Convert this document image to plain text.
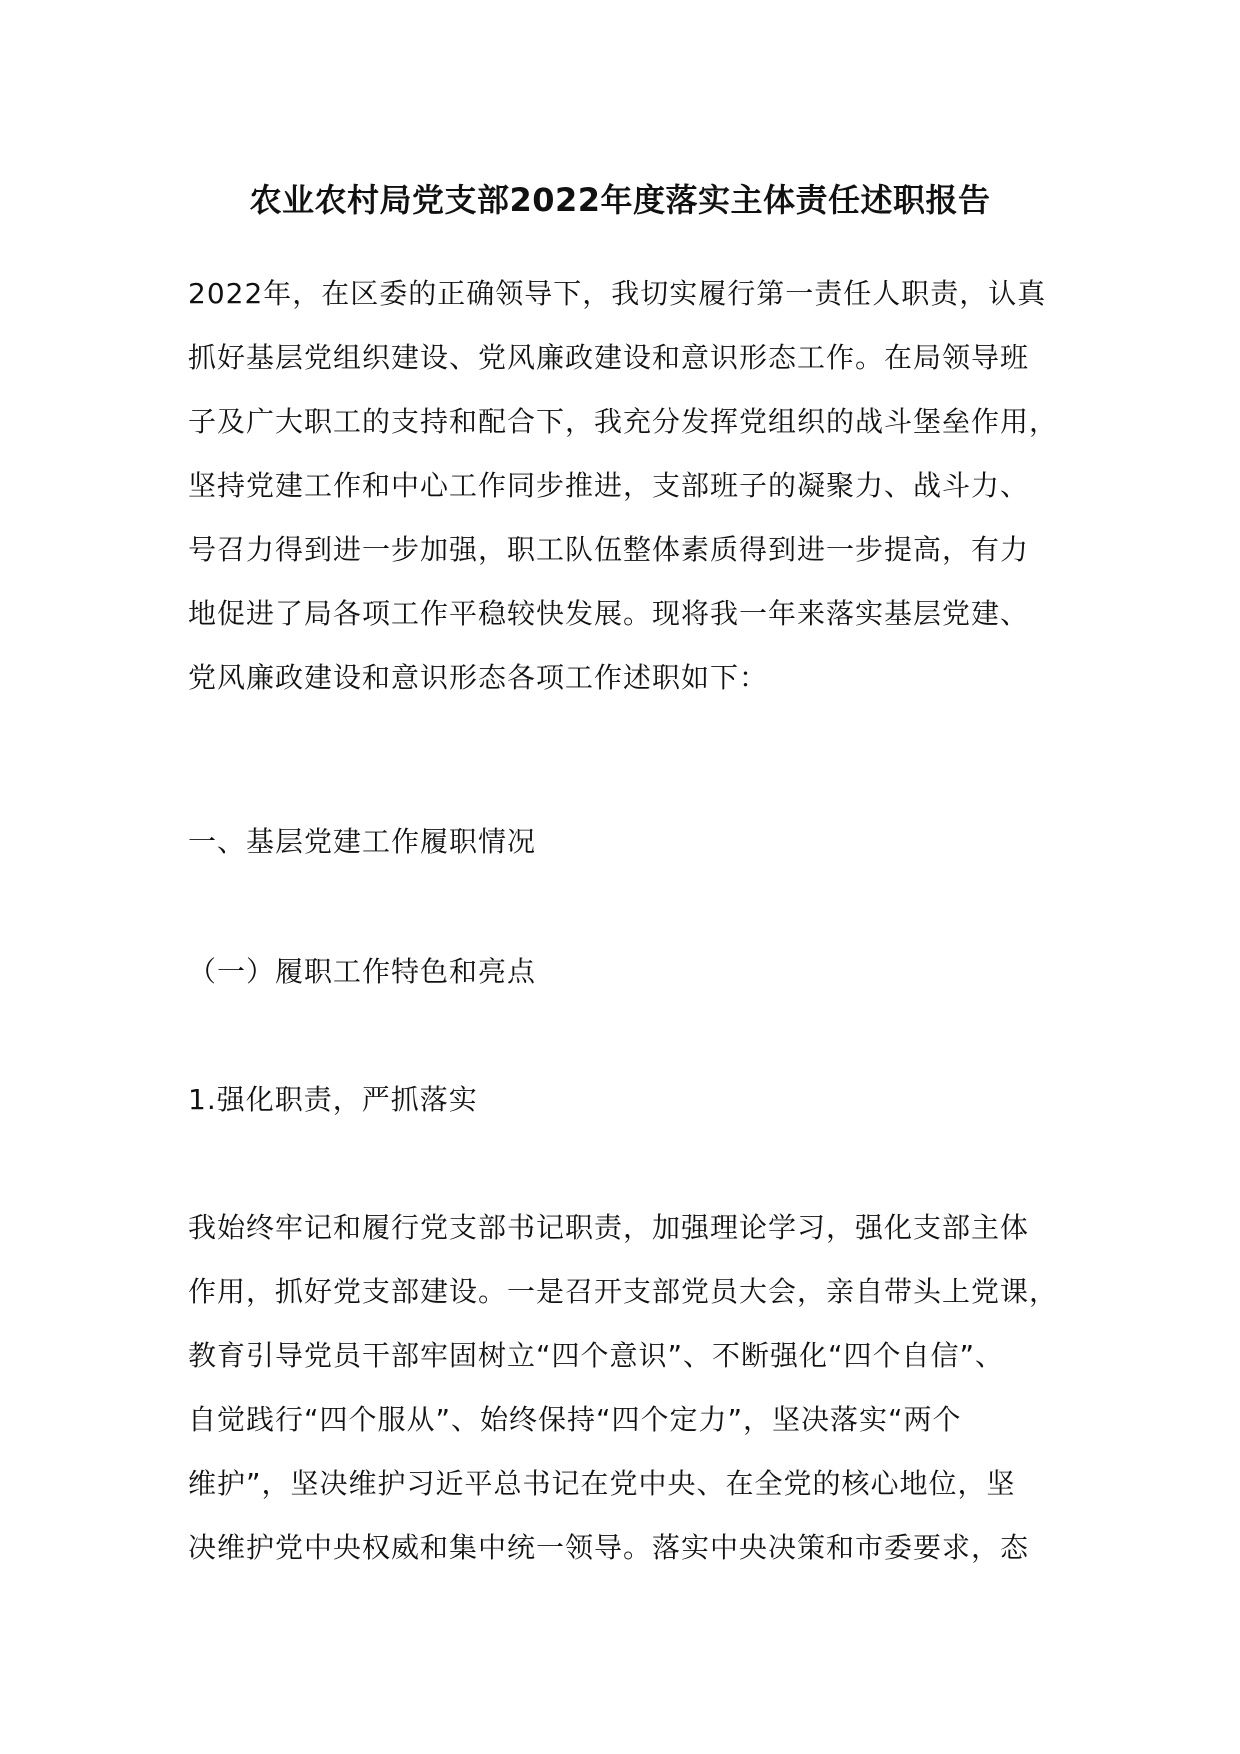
农业农村局党支部2022年度落实主体责任述职报告
2022年，在区委的正确领导下，我切实履行第一责任人职责，认真
抓好基层党组织建设、党风廉政建设和意识形态工作。在局领导班
子及广大职工的支持和配合下，我充分发挥党组织的战斗堡垒作用，
坚持党建工作和中心工作同步推进，支部班子的凝聚力、战斗力、
号召力得到进一步加强，职工队伍整体素质得到进一步提高，有力
地促进了局各项工作平稳较快发展。现将我一年来落实基层党建、
党风廉政建设和意识形态各项工作述职如下：
一、基层党建工作履职情况
（一）履职工作特色和亮点
1.强化职责，严抓落实
我始终牢记和履行党支部书记职责，加强理论学习，强化支部主体
作用，抓好党支部建设。一是召开支部党员大会，亲自带头上党课，
教育引导党员干部牢固树立“四个意识”、不断强化“四个自信”、
自觉践行“四个服从”、始终保持“四个定力”，坚决落实“两个
维护”，坚决维护习近平总书记在党中央、在全党的核心地位，坚
决维护党中央权威和集中统一领导。落实中央决策和市委要求，态
